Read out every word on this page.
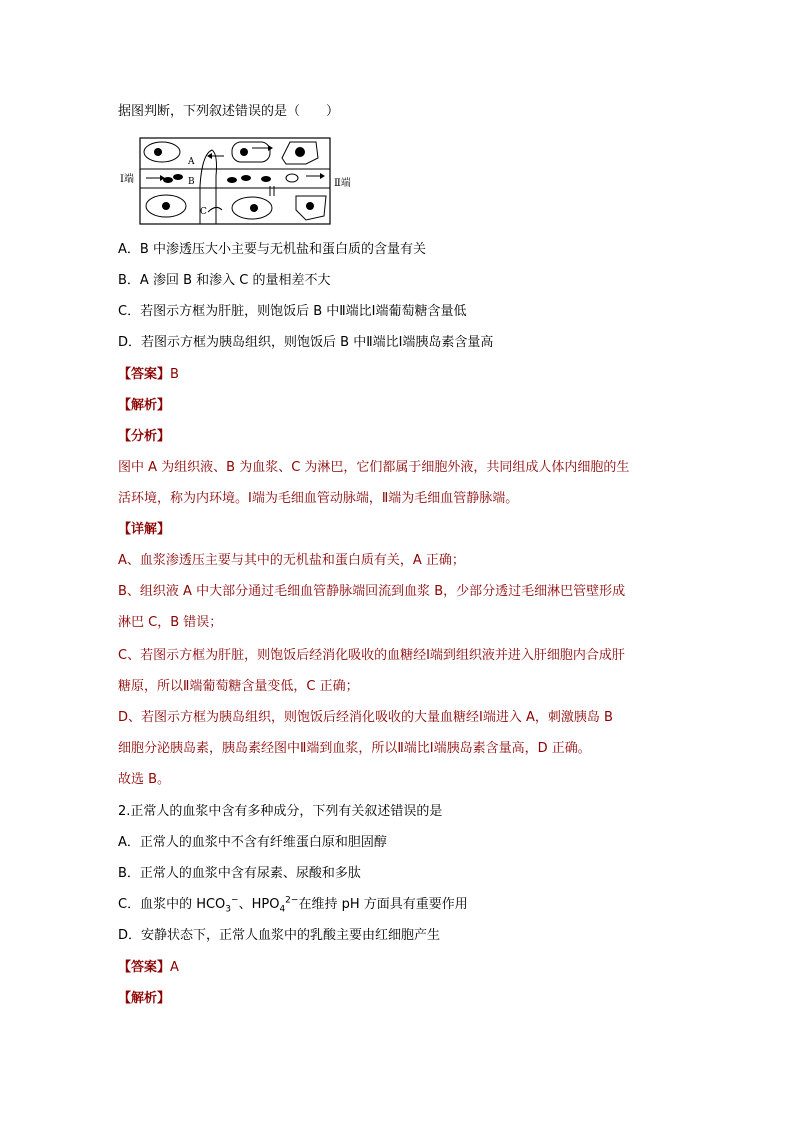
据图判断，下列叙述错误的是（　　）
Ⅰ端	Ⅱ端
A
B
C
A．B 中渗透压大小主要与无机盐和蛋白质的含量有关
B．A 渗回 B 和渗入 C 的量相差不大
C．若图示方框为肝脏，则饱饭后 B 中Ⅱ端比Ⅰ端葡萄糖含量低
D．若图示方框为胰岛组织，则饱饭后 B 中Ⅱ端比Ⅰ端胰岛素含量高
【答案】B
【解析】
【分析】
图中 A 为组织液、B 为血浆、C 为淋巴，它们都属于细胞外液，共同组成人体内细胞的生
活环境，称为内环境。Ⅰ端为毛细血管动脉端，Ⅱ端为毛细血管静脉端。
【详解】
A、血浆渗透压主要与其中的无机盐和蛋白质有关，A 正确；
B、组织液 A 中大部分通过毛细血管静脉端回流到血浆 B，少部分透过毛细淋巴管壁形成
淋巴 C，B 错误；
C、若图示方框为肝脏，则饱饭后经消化吸收的血糖经Ⅰ端到组织液并进入肝细胞内合成肝
糖原，所以Ⅱ端葡萄糖含量变低，C 正确；
D、若图示方框为胰岛组织，则饱饭后经消化吸收的大量血糖经Ⅰ端进入 A，刺激胰岛 B
细胞分泌胰岛素，胰岛素经图中Ⅱ端到血浆，所以Ⅱ端比Ⅰ端胰岛素含量高，D 正确。
故选 B。
2.正常人的血浆中含有多种成分，下列有关叙述错误的是
A．正常人的血浆中不含有纤维蛋白原和胆固醇
B．正常人的血浆中含有尿素、尿酸和多肽
C．血浆中的 $HCO_3^-$、$HPO_4^{2-}$在维持 pH 方面具有重要作用
D．安静状态下，正常人血浆中的乳酸主要由红细胞产生
【答案】A
【解析】
